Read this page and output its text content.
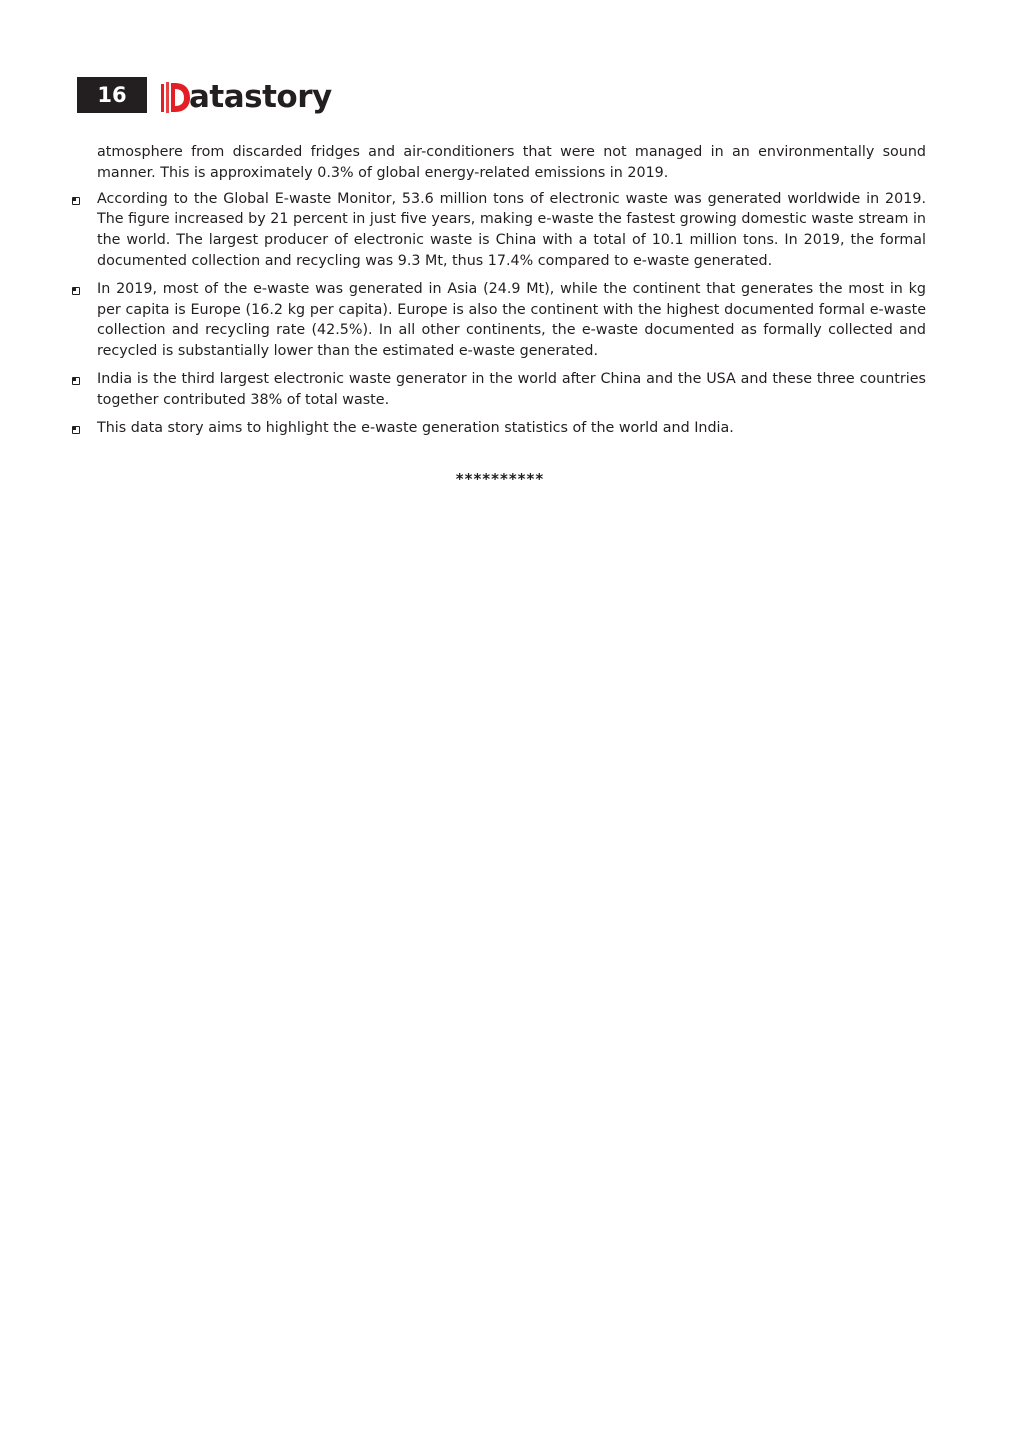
16	atastory

atmosphere from discarded fridges and air-conditioners that were not managed in an environmentally sound manner. This is approximately 0.3% of global energy-related emissions in 2019.

According to the Global E-waste Monitor, 53.6 million tons of electronic waste was generated worldwide in 2019. The figure increased by 21 percent in just five years, making e-waste the fastest growing domestic waste stream in the world. The largest producer of electronic waste is China with a total of 10.1 million tons. In 2019, the formal documented collection and recycling was 9.3 Mt, thus 17.4% compared to e-waste generated.
In 2019, most of the e-waste was generated in Asia (24.9 Mt), while the continent that generates the most in kg per capita is Europe (16.2 kg per capita). Europe is also the continent with the highest documented formal e-waste collection and recycling rate (42.5%). In all other continents, the e-waste documented as formally collected and recycled is substantially lower than the estimated e-waste generated.
India is the third largest electronic waste generator in the world after China and the USA and these three countries together contributed 38% of total waste.
This data story aims to highlight the e-waste generation statistics of the world and India.
**********
